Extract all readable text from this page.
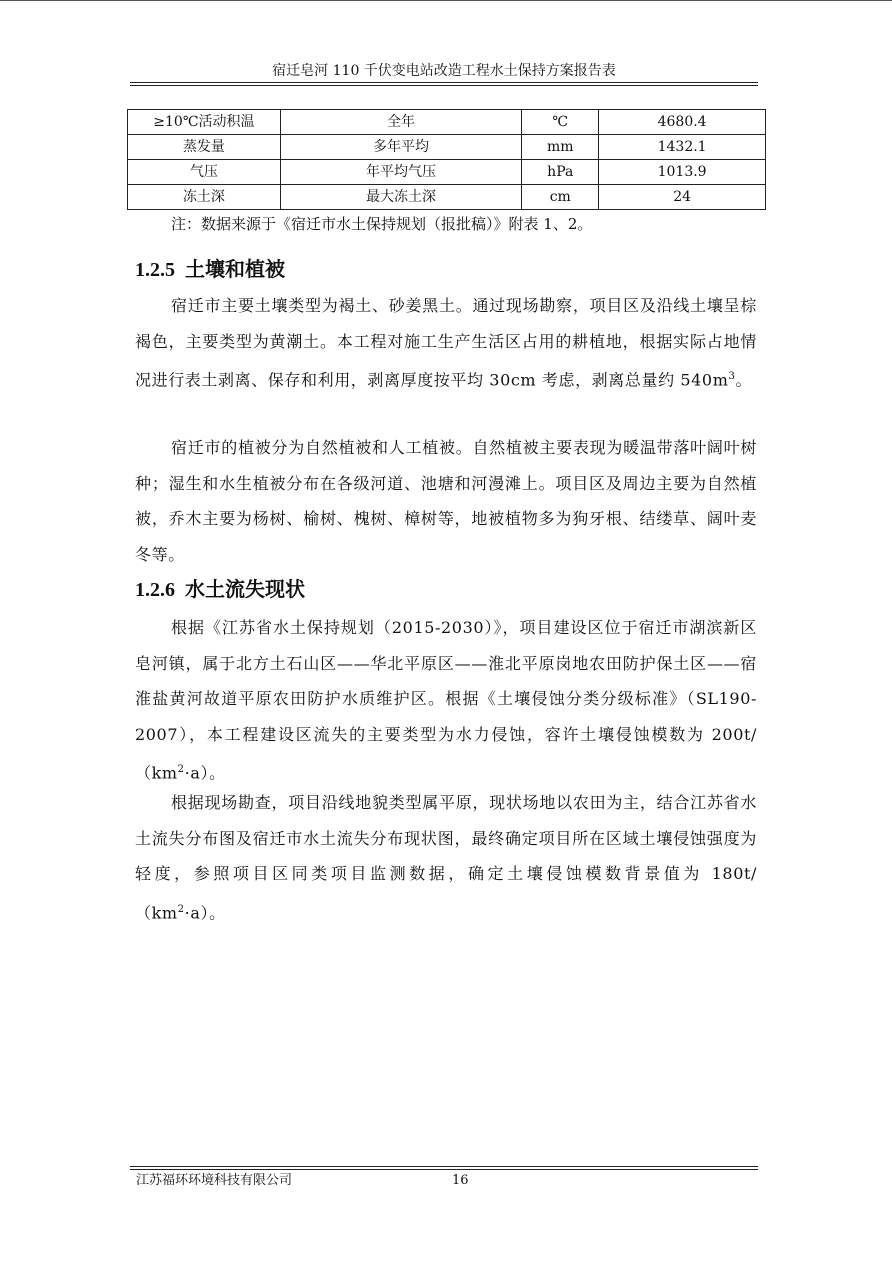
宿迁皂河 110 千伏变电站改造工程水土保持方案报告表
≥10℃活动积温	全年	℃	4680.4
蒸发量	多年平均	mm	1432.1
气压	年平均气压	hPa	1013.9
冻土深	最大冻土深	cm	24
注：数据来源于《宿迁市水土保持规划（报批稿）》附表 1、2。
1.2.5 土壤和植被

宿迁市主要土壤类型为褐土、砂姜黑土。通过现场勘察，项目区及沿线土壤呈棕褐色，主要类型为黄潮土。本工程对施工生产生活区占用的耕植地，根据实际占地情况进行表土剥离、保存和利用，剥离厚度按平均 30cm 考虑，剥离总量约 $540m^3$。

宿迁市的植被分为自然植被和人工植被。自然植被主要表现为暖温带落叶阔叶树种；湿生和水生植被分布在各级河道、池塘和河漫滩上。项目区及周边主要为自然植被，乔木主要为杨树、榆树、槐树、樟树等，地被植物多为狗牙根、结缕草、阔叶麦冬等。

1.2.6 水土流失现状

根据《江苏省水土保持规划（2015-2030）》，项目建设区位于宿迁市湖滨新区皂河镇，属于北方土石山区——华北平原区——淮北平原岗地农田防护保土区——宿淮盐黄河故道平原农田防护水质维护区。根据《土壤侵蚀分类分级标准》（SL190-2007），本工程建设区流失的主要类型为水力侵蚀，容许土壤侵蚀模数为 $200t/(km^2\cdot a)$。

根据现场勘查，项目沿线地貌类型属平原，现状场地以农田为主，结合江苏省水土流失分布图及宿迁市水土流失分布现状图，最终确定项目所在区域土壤侵蚀强度为轻度，参照项目区同类项目监测数据，确定土壤侵蚀模数背景值为 $180t/(km^2\cdot a)$。

江苏福环环境科技有限公司	16
